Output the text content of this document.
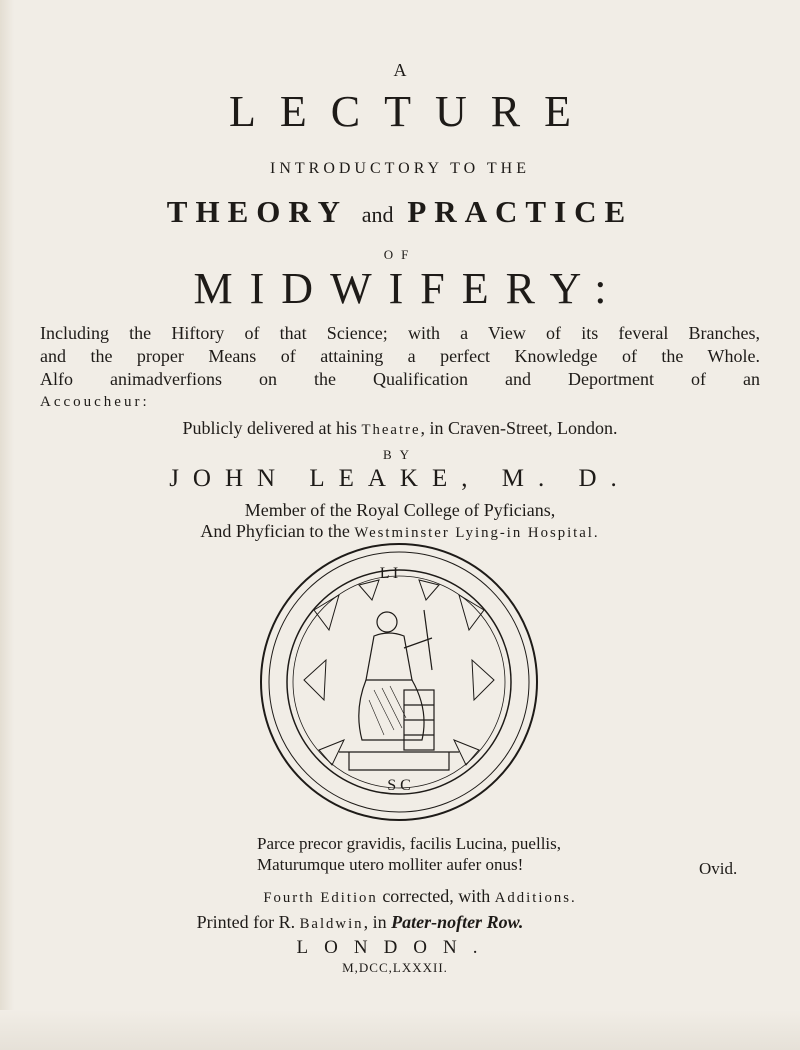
A
LECTURE
INTRODUCTORY TO THE
THEORY and PRACTICE
OF
MIDWIFERY:
Including the Hiftory of that Science; with a View of its feveral Branches,
and the proper Means of attaining a perfect Knowledge of the Whole.
Alfo animadverfions on the Qualification and Deportment of an
Accoucheur:
Publicly delivered at his Theatre, in Craven-Street, London.
BY
JOHN LEAKE, M. D.
Member of the Royal College of Pyficians,
And Phyfician to the Westminster Lying-in Hospital.
L I
S C
Parce precor gravidis, facilis Lucina, puellis,
Maturumque utero molliter aufer onus!	Ovid.
Fourth Edition corrected, with Additions.
Printed for R. Baldwin, in Pater-nofter Row.
LONDON.
M,DCC,LXXXII.
